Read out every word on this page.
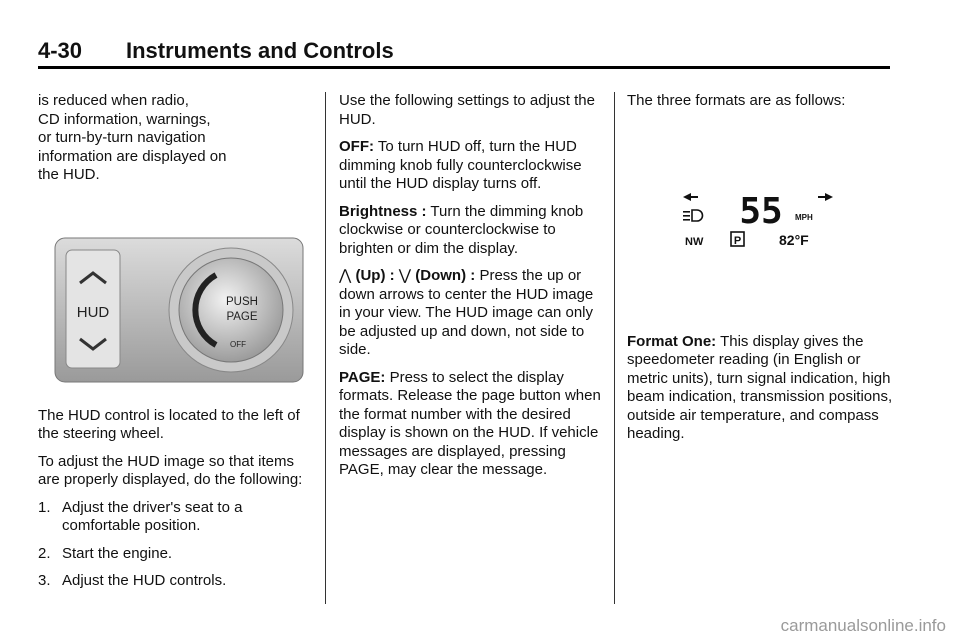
4-30 Instruments and Controls
is reduced when radio,
CD information, warnings,
or turn-by-turn navigation
information are displayed on
the HUD.
HUD
PUSH
PAGE
OFF

The HUD control is located to the left of the steering wheel.

To adjust the HUD image so that items are properly displayed, do the following:

1. Adjust the driver's seat to a comfortable position.
2. Start the engine.
3. Adjust the HUD controls.

Use the following settings to adjust the HUD.

OFF: To turn HUD off, turn the HUD dimming knob fully counterclockwise until the HUD display turns off.

Brightness : Turn the dimming knob clockwise or counterclockwise to brighten or dim the display.

⋀ (Up) : ⋁ (Down) : Press the up or down arrows to center the HUD image in your view. The HUD image can only be adjusted up and down, not side to side.

PAGE: Press to select the display formats. Release the page button when the format number with the desired display is shown on the HUD. If vehicle messages are displayed, pressing PAGE, may clear the message.

The three formats are as follows:

55 MPH
NW	P	82°F

Format One: This display gives the speedometer reading (in English or metric units), turn signal indication, high beam indication, transmission positions, outside air temperature, and compass heading.

carmanualsonline.info
